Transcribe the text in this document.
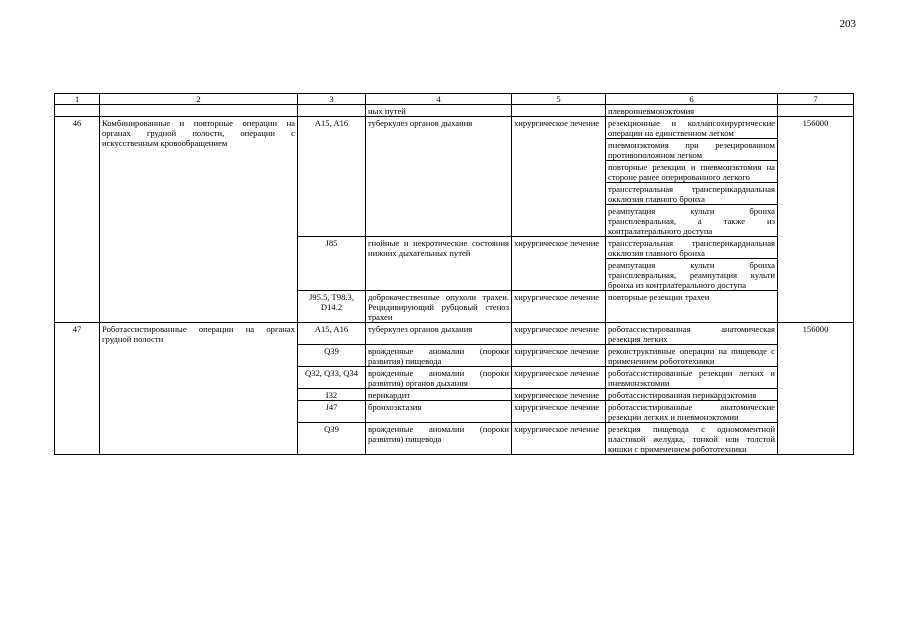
203
1	2	3	4	5	6	7
			ных путей		плевропневмонэктомия	
46	Комбинированные и повторные операции на органах грудной полости, операции с искусственным кровообращением	A15, A16	туберкулез органов дыхания	хирургическое лечение	резекционные и коллапсохирургические операции на единственном легком	156000
					пневмонэктомия при резецированном противоположном легком	
					повторные резекции и пневмонэктомия на стороне ранее оперированного легкого	
					трансстернальная трансперикардиальная окклюзия главного бронха	
					реампутация культи бронха трансплевральная, а также из контралатерального доступа	
		J85	гнойные и некротические состояния нижних дыхательных путей	хирургическое лечение	трансстернальная трансперикардиальная окклюзия главного бронха	
					реампутация культи бронха трансплевральная, реампутация культи бронха из контрлатерального доступа	
		J95.5, T98.3, D14.2	доброкачественные опухоли трахеи. Рецидивирующий рубцовый стеноз трахеи	хирургическое лечение	повторные резекции трахеи	
47	Роботассистированные операции на органах грудной полости	A15, A16	туберкулез органов дыхания	хирургическое лечение	роботассистированная анатомическая резекция легких	156000
		Q39	врожденные аномалии (пороки развития) пищевода	хирургическое лечение	реконструктивные операции на пищеводе с применением робототехники	
		Q32, Q33, Q34	врожденные аномалии (пороки развития) органов дыхания	хирургическое лечение	роботассистированные резекции легких и пневмонэктомии	
		I32	перикардит	хирургическое лечение	роботассистированная перикардэктомия	
		J47	бронхоэктазия	хирургическое лечение	роботассистированные анатомические резекции легких и пневмонэктомии	
		Q39	врожденные аномалии (пороки развития) пищевода	хирургическое лечение	резекция пищевода с одномоментной пластикой желудка, тонкой или толстой кишки с применением робототехники	
